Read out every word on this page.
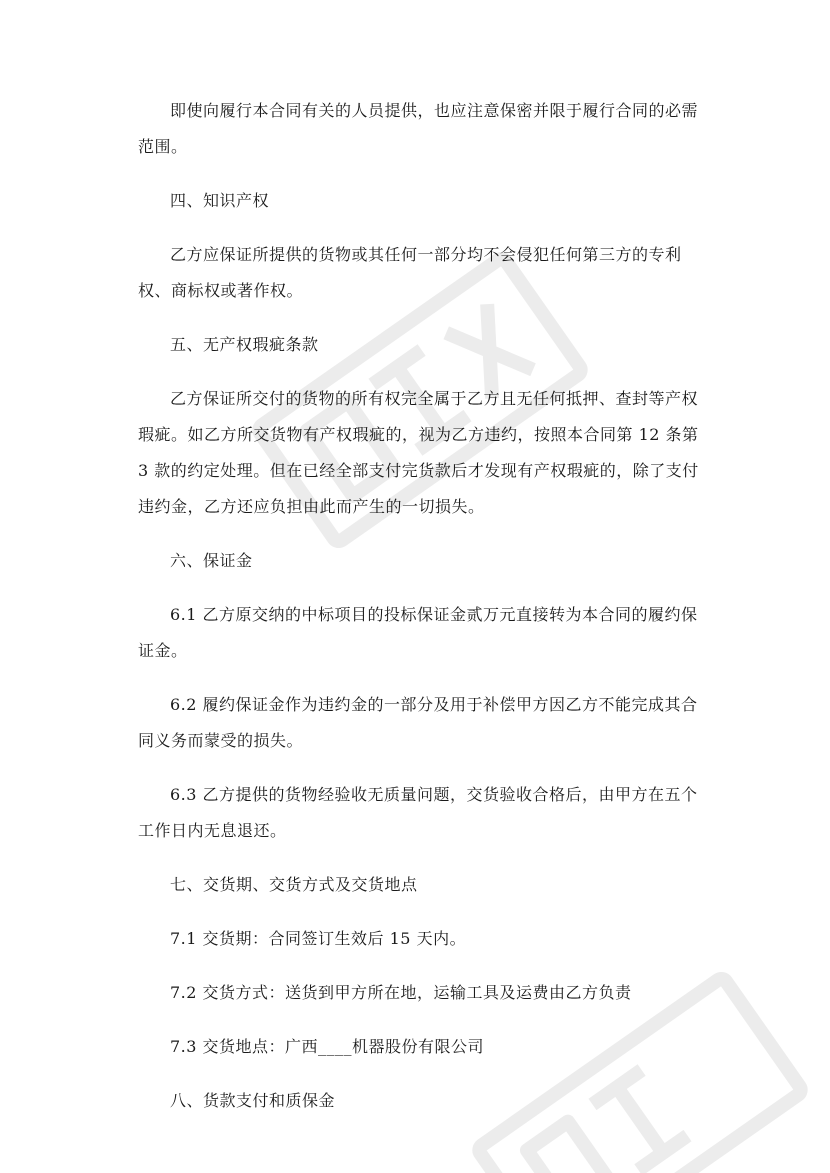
即使向履行本合同有关的人员提供，也应注意保密并限于履行合同的必需范围。

四、知识产权

乙方应保证所提供的货物或其任何一部分均不会侵犯任何第三方的专利权、商标权或著作权。

五、无产权瑕疵条款

乙方保证所交付的货物的所有权完全属于乙方且无任何抵押、查封等产权瑕疵。如乙方所交货物有产权瑕疵的，视为乙方违约，按照本合同第 12 条第 3 款的约定处理。但在已经全部支付完货款后才发现有产权瑕疵的，除了支付违约金，乙方还应负担由此而产生的一切损失。

六、保证金

6.1 乙方原交纳的中标项目的投标保证金贰万元直接转为本合同的履约保证金。

6.2 履约保证金作为违约金的一部分及用于补偿甲方因乙方不能完成其合同义务而蒙受的损失。

6.3 乙方提供的货物经验收无质量问题，交货验收合格后，由甲方在五个工作日内无息退还。

七、交货期、交货方式及交货地点

7.1 交货期：合同签订生效后 15 天内。

7.2 交货方式：送货到甲方所在地，运输工具及运费由乙方负责

7.3 交货地点：广西____机器股份有限公司

八、货款支付和质保金
